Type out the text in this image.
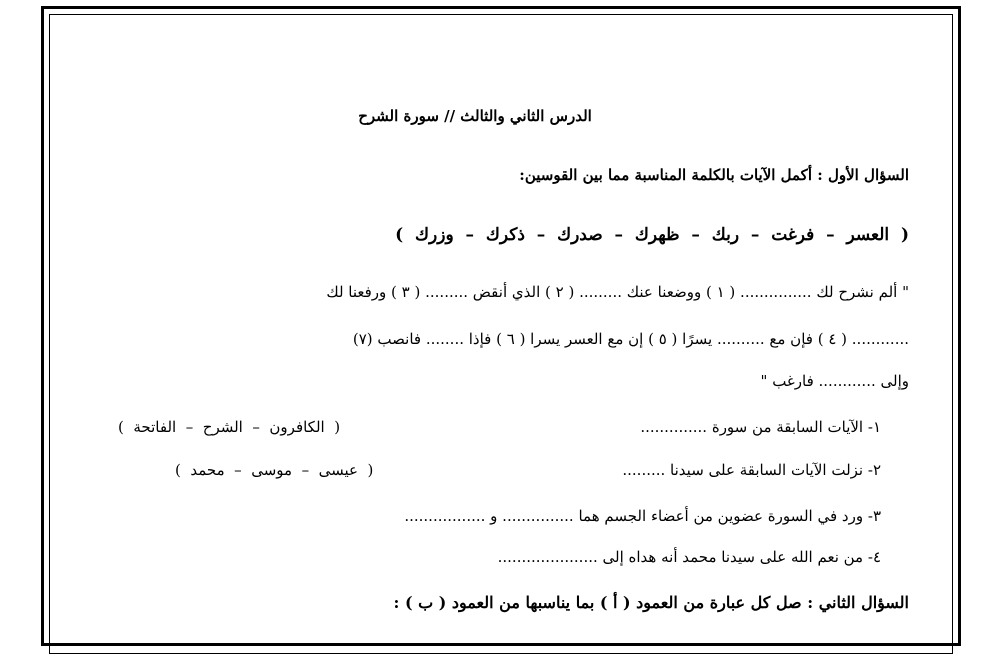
الدرس الثاني والثالث // سورة الشرح
السؤال الأول : أكمل الآيات بالكلمة المناسبة مما بين القوسين:
(  العسر  –  فرغت  –  ربك  –  ظهرك  –  صدرك  –  ذكرك  –  وزرك  )
" ألم نشرح لك ............... ( ١ ) ووضعنا عنك ......... ( ٢ ) الذي أنقض ......... ( ٣ ) ورفعنا لك
............ ( ٤ ) فإن مع .......... يسرًا ( ٥ ) إن مع العسر يسرا ( ٦ ) فإذا ........ فانصب (٧)
وإلى ............ فارغب "
١- الآيات السابقة من سورة ..............
(  الكافرون  –  الشرح  –  الفاتحة  )
٢- نزلت الآيات السابقة على سيدنا .........
(  عيسى  –  موسى  –  محمد  )
٣- ورد في السورة عضوين من أعضاء الجسم هما ............... و .................
٤- من نعم الله على سيدنا محمد أنه هداه إلى .....................
السؤال الثاني : صل كل عبارة من العمود ( أ ) بما يناسبها من العمود ( ب ) :
